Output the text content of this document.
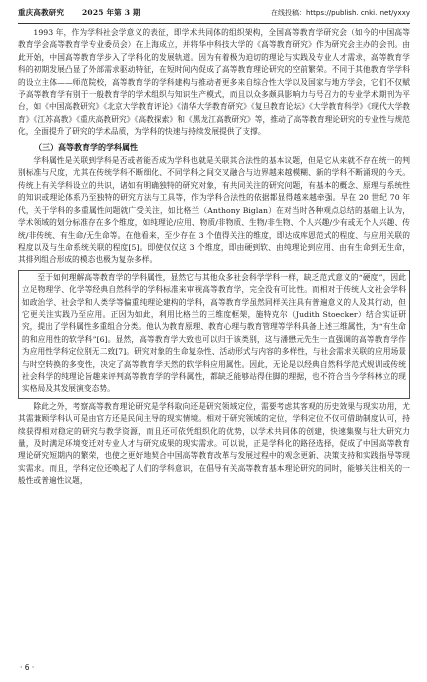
重庆高教研究 2025 年第 3 期	在线投稿：https://publish. cnki. net/yxxy

1993 年，作为学科社会学意义的表征，即学术共同体的组织架构，全国高等教育学研究会（如今的中国高等教育学会高等教育学专业委员会）在上海成立，并将华中科技大学的《高等教育研究》作为研究会主办的会刊。由此开始，中国高等教育学步入了学科化的发展轨道。因为有着极为迫切的理论与实践及专业人才需求，高等教育学科的初期发展凸显了外部需求驱动特征，在短时间内促成了高等教育理论研究的空前繁荣。不同于其他教育学学科的设立主体——师范院校，高等教育学的学科建构与推动者更多来自综合性大学以及国家与地方学会，它们不仅赋予高等教育学有别于一般教育学的学术组织与知识生产模式，而且以众多颇具影响力与号召力的专业学术期刊为平台，如《中国高教研究》《北京大学教育评论》《清华大学教育研究》《复旦教育论坛》《大学教育科学》《现代大学教育》《江苏高教》《重庆高教研究》《高教探索》和《黑龙江高教研究》等，推动了高等教育理论研究的专业性与规范化，全面提升了研究的学术品质，为学科的快速与持续发展提供了支撑。

（三）高等教育学的学科属性

学科属性是关联到学科是否或者能否成为学科也就是关联其合法性的基本议题，但是它从来就不存在统一的判别标准与尺度，尤其在传统学科不断细化、不同学科之间交叉融合与边界越来越模糊、新的学科不断涌现的今天。传统上有关学科设立的共识，诸如有明确独特的研究对象，有共同关注的研究问题，有基本的概念、原理与系统性的知识或理论体系乃至独特的研究方法与工具等，作为学科合法性的依据都显得越来越牵强。早在 20 世纪 70 年代，关于学科的多重属性问题就广受关注，如比格兰（Anthony Biglan）在对当时各种观点总结的基础上认为，学术领域的划分标准存在多个维度，如纯理论/应用、物质/非物质、生物/非生物、个人兴趣/少有或无个人兴趣、传统/非传统、有生命/无生命等。在他看来，至少存在 3 个值得关注的维度，即达成库恩范式的程度、与应用关联的程度以及与生命系统关联的程度[5]。即使仅仅这 3 个维度，即由硬到软、由纯理论到应用、由有生命到无生命，其排列组合形成的模态也极为复杂多样。

至于如何理解高等教育学的学科属性，显然它与其他众多社会科学学科一样，缺乏范式意义的“硬度”，因此立足物理学、化学等经典自然科学的学科标准来审视高等教育学，完全没有可比性。而相对于传统人文社会学科如政治学、社会学和人类学等偏重纯理论建构的学科，高等教育学虽然同样关注具有普遍意义的人及其行动，但它更关注实践乃至应用。正因为如此，利用比格兰的三维度框架，施特克尔（Judith Stoecker）结合实证研究，提出了学科属性多重组合分类。他认为教育原理、教育心理与教育管理等学科具备上述三维属性，为“有生命的和应用性的软学科”[6]。显然，高等教育学大致也可以归于该类别，这与潘懋元先生一直强调的高等教育学作为应用性学科定位别无二致[7]。研究对象的生命复杂性、活动形式与内容的多样性，与社会需求关联的应用场景与时空转换的多变性，决定了高等教育学天然的软学科应用属性。因此，无论是以经典自然科学范式规训或传统社会科学的纯理论旨趣来评判高等教育学的学科属性，都缺乏能够站得住脚的理据，也不符合当今学科林立的现实格局及其发展演变态势。

除此之外，考察高等教育理论研究是学科取向还是研究领域定位，需要考虑其客观的历史效果与现实功用，尤其需兼顾学科认可是由官方还是民间主导的现实情境。相对于研究领域的定位，学科定位不仅可借助制度认可，持续获得相对稳定的研究与教学资源，而且还可依凭组织化的优势，以学术共同体的创建，快速集聚与壮大研究力量，及时满足环境变迁对专业人才与研究成果的现实需求。可以说，正是学科化的路径选择，促成了中国高等教育理论研究短期内的繁荣，也使之更好地契合中国高等教育改革与发展过程中的观念更新、决策支持和实践指导等现实需求。而且，学科定位还唤起了人们的学科意识，在倡导有关高等教育基本理论研究的同时，能够关注相关的一般性或普遍性议题，

· 6 ·
